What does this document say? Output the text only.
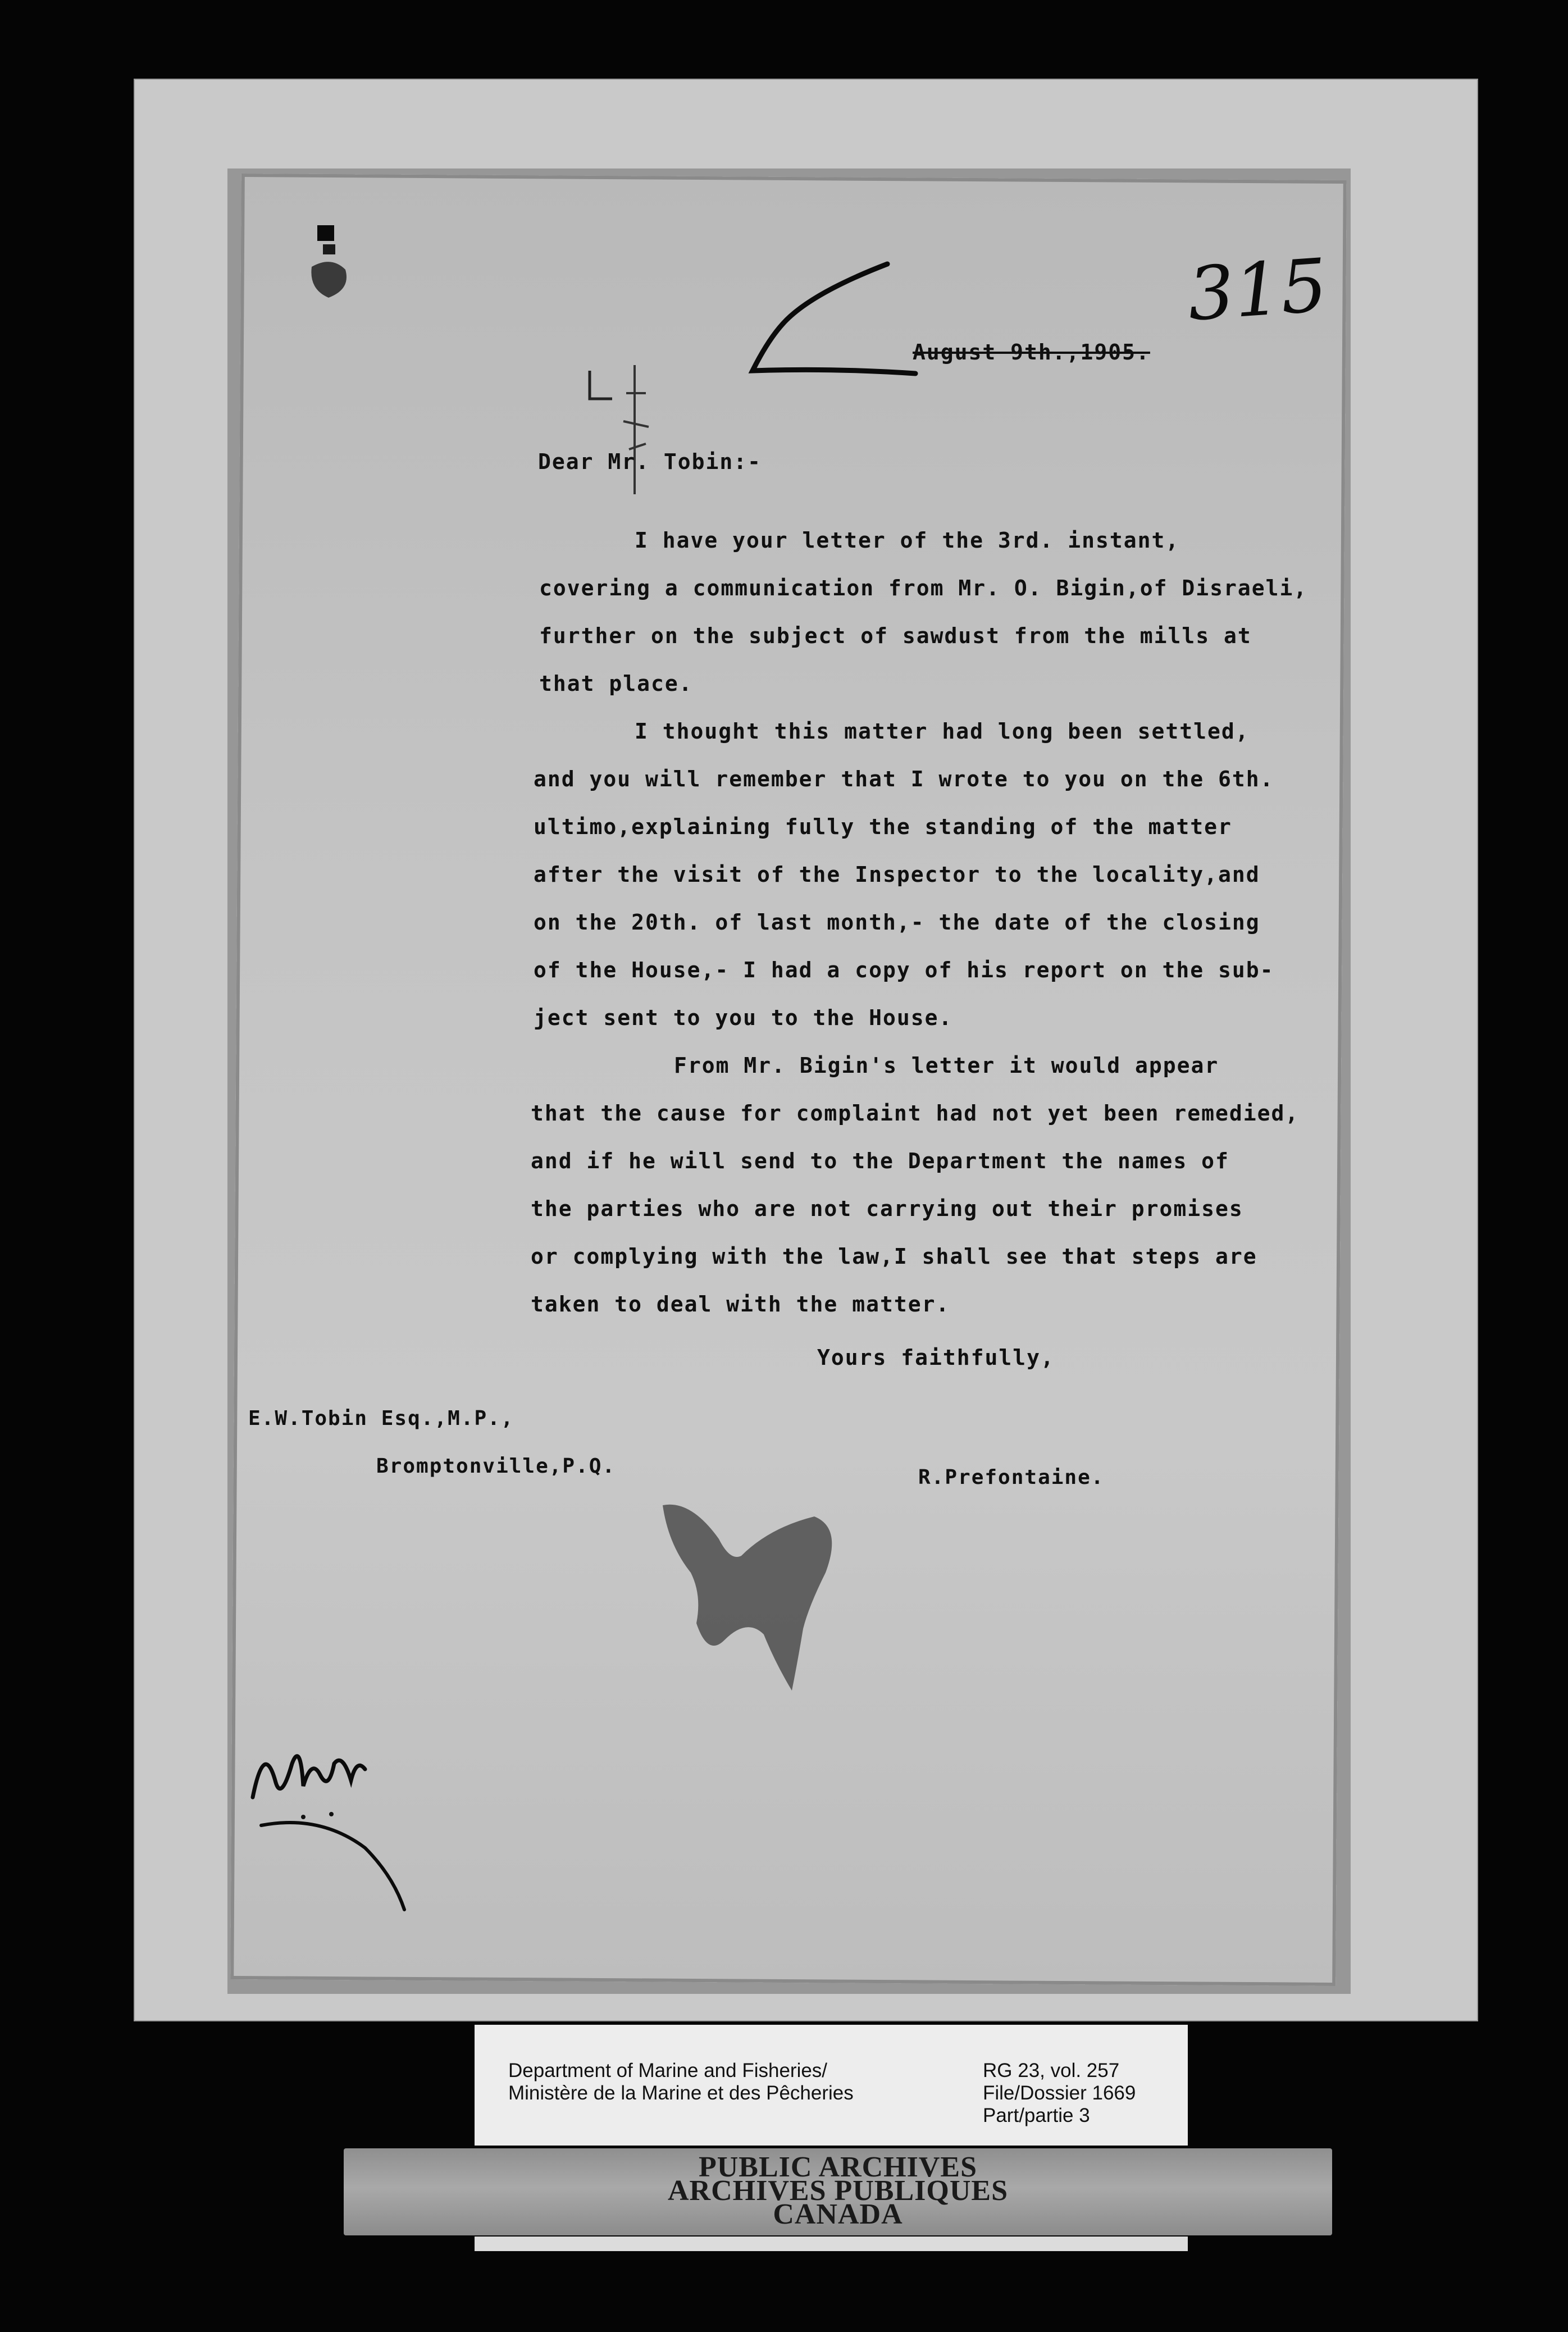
315
August 9th.,1905.
Dear Mr. Tobin:-
I have your letter of the 3rd. instant,
covering a communication from Mr. O. Bigin,of Disraeli,
further on the subject of sawdust from the mills at
that place.
I thought this matter had long been settled,
and you will remember that I wrote to you on the 6th.
ultimo,explaining fully the standing of the matter
after the visit of the Inspector to the locality,and
on the 20th. of last month,- the date of the closing
of the House,- I had a copy of his report on the sub-
ject sent to you to the House.
From Mr. Bigin's letter it would appear
that the cause for complaint had not yet been remedied,
and if he will send to the Department the names of
the parties who are not carrying out their promises
or complying with the law,I shall see that steps are
taken to deal with the matter.
Yours faithfully,
E.W.Tobin Esq.,M.P.,
Bromptonville,P.Q.	R.Prefontaine.
Department of Marine and Fisheries/
Ministère de la Marine et des Pêcheries
RG 23, vol. 257
File/Dossier 1669
Part/partie 3
PUBLIC ARCHIVES
ARCHIVES PUBLIQUES
CANADA
